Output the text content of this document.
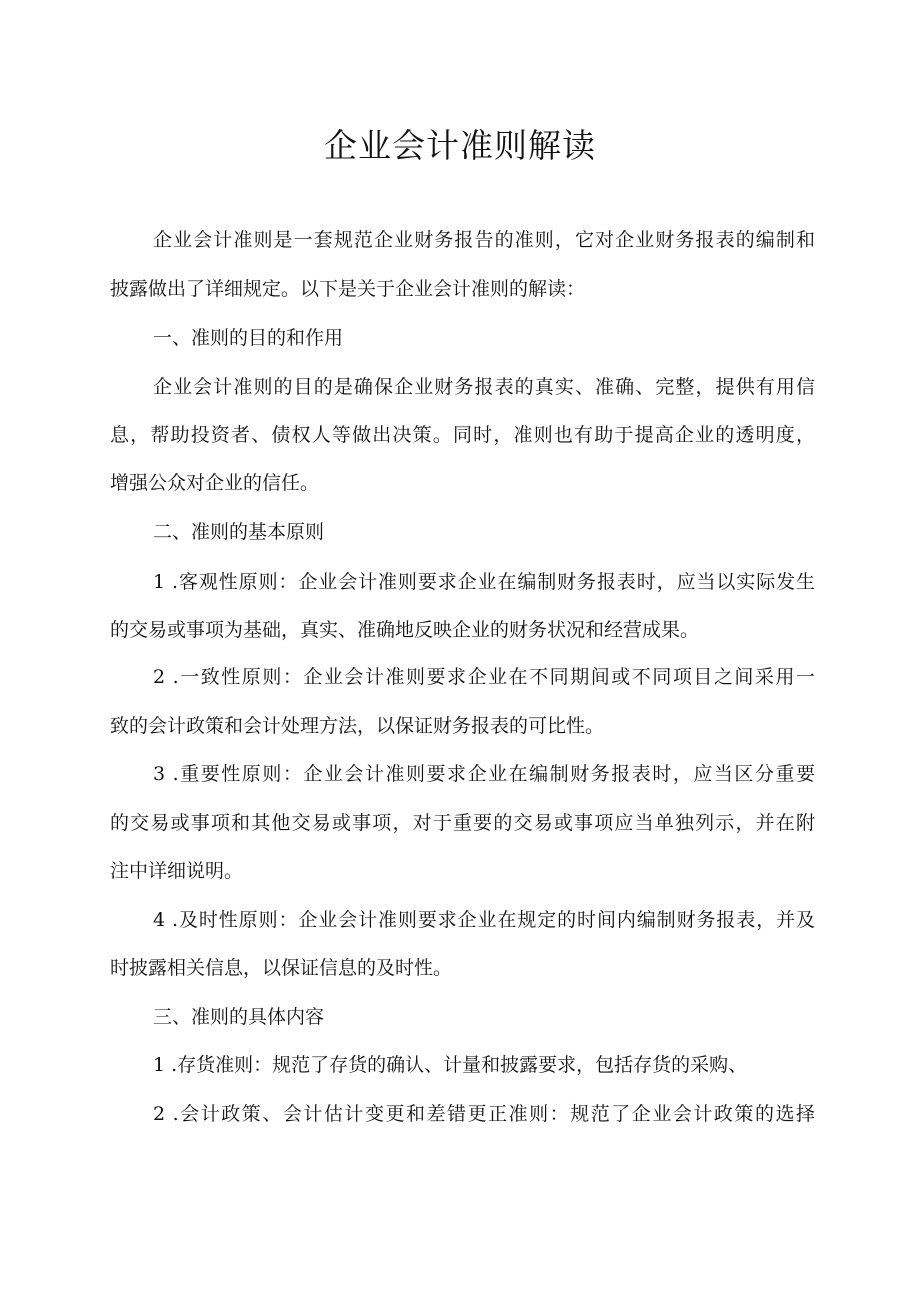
企业会计准则解读
企业会计准则是一套规范企业财务报告的准则，它对企业财务报表的编制和
披露做出了详细规定。以下是关于企业会计准则的解读：
一、准则的目的和作用
企业会计准则的目的是确保企业财务报表的真实、准确、完整，提供有用信
息，帮助投资者、债权人等做出决策。同时，准则也有助于提高企业的透明度，
增强公众对企业的信任。
二、准则的基本原则
1 .客观性原则：企业会计准则要求企业在编制财务报表时，应当以实际发生
的交易或事项为基础，真实、准确地反映企业的财务状况和经营成果。
2 .一致性原则：企业会计准则要求企业在不同期间或不同项目之间采用一
致的会计政策和会计处理方法，以保证财务报表的可比性。
3 .重要性原则：企业会计准则要求企业在编制财务报表时，应当区分重要
的交易或事项和其他交易或事项，对于重要的交易或事项应当单独列示，并在附
注中详细说明。
4 .及时性原则：企业会计准则要求企业在规定的时间内编制财务报表，并及
时披露相关信息，以保证信息的及时性。
三、准则的具体内容
1 .存货准则：规范了存货的确认、计量和披露要求，包括存货的采购、
2 .会计政策、会计估计变更和差错更正准则：规范了企业会计政策的选择
